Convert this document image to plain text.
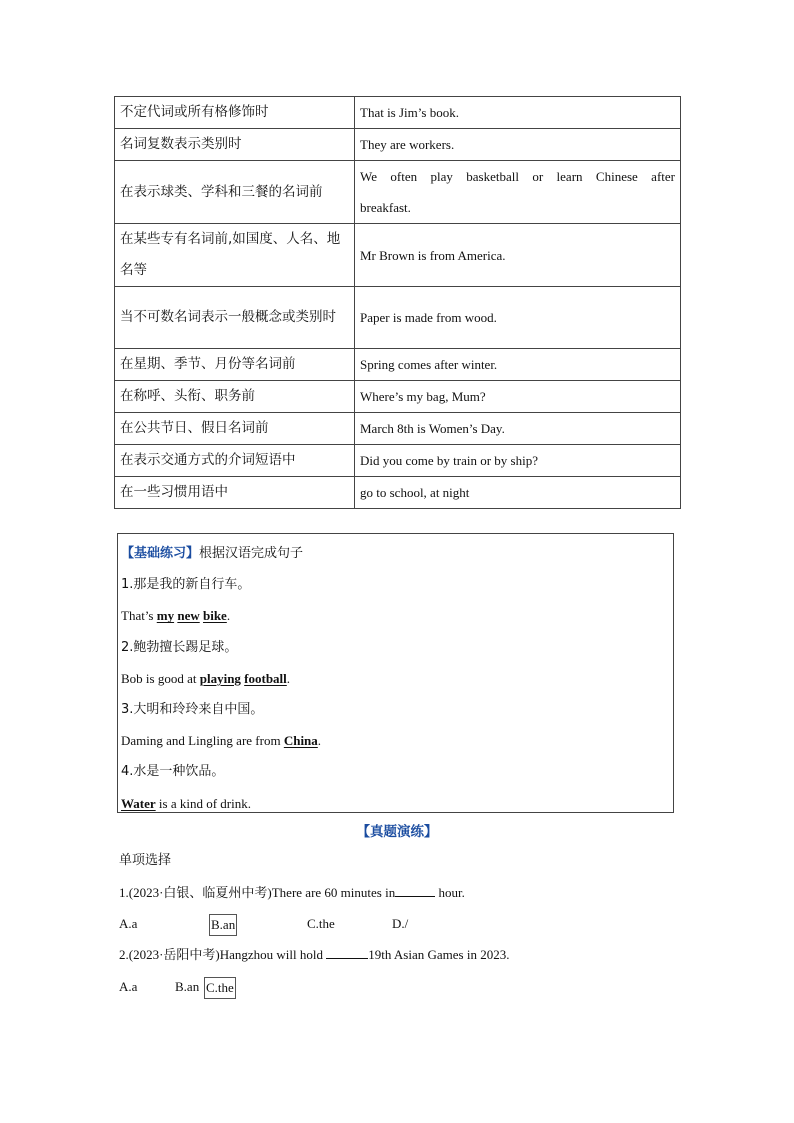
不定代词或所有格修饰时	That is Jim’s book.
名词复数表示类别时	They are workers.
在表示球类、学科和三餐的名词前	We often play basketball or learn Chinese after breakfast.
在某些专有名词前,如国度、人名、地名等	Mr Brown is from America.
当不可数名词表示一般概念或类别时	Paper is made from wood.
在星期、季节、月份等名词前	Spring comes after winter.
在称呼、头衔、职务前	Where’s my bag, Mum?
在公共节日、假日名词前	March 8th is Women’s Day.
在表示交通方式的介词短语中	Did you come by train or by ship?
在一些习惯用语中	go to school, at night
【基础练习】根据汉语完成句子
1.那是我的新自行车。
That’s my new bike.
2.鲍勃擅长踢足球。
Bob is good at playing football.
3.大明和玲玲来自中国。
Daming and Lingling are from China.
4.水是一种饮品。
Water is a kind of drink.
【真题演练】
单项选择
1.(2023·白银、临夏州中考)There are 60 minutes in	hour.
A.a	B.an	C.the	D./
2.(2023·岳阳中考)Hangzhou will hold	19th Asian Games in 2023.
A.a	B.an C.the
